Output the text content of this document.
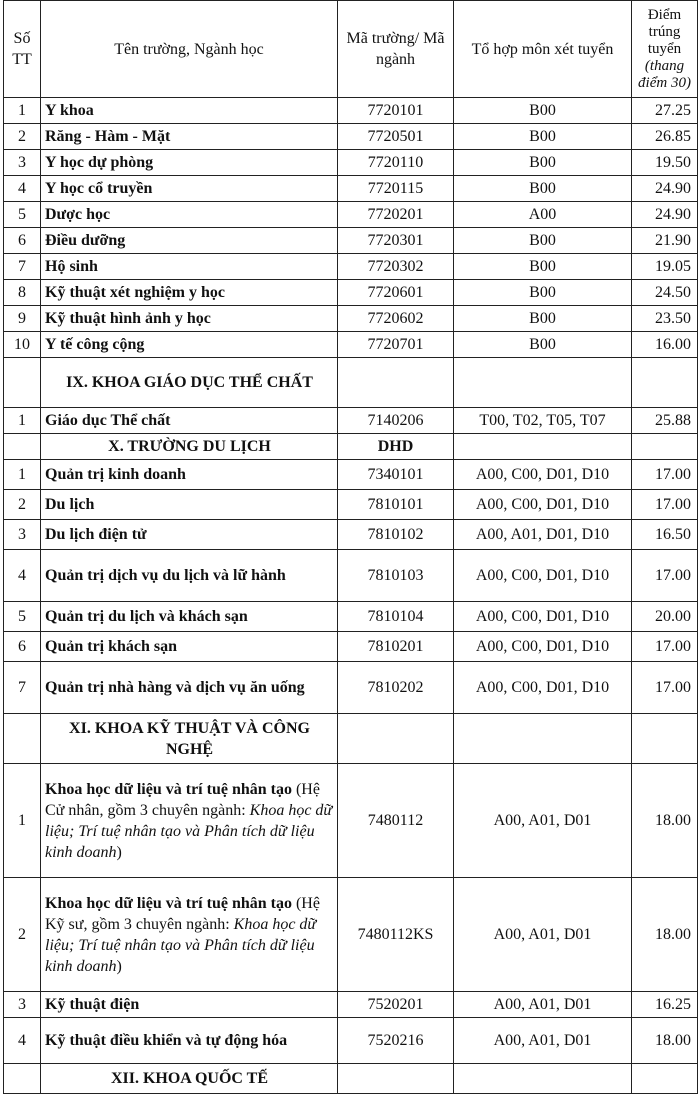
Số TT	Tên trường, Ngành học	Mã trường/ Mã ngành	Tổ hợp môn xét tuyển	Điểm trúng tuyển
(thang điểm 30)
1	Y khoa	7720101	B00	27.25
2	Răng - Hàm - Mặt	7720501	B00	26.85
3	Y học dự phòng	7720110	B00	19.50
4	Y học cổ truyền	7720115	B00	24.90
5	Dược học	7720201	A00	24.90
6	Điều dưỡng	7720301	B00	21.90
7	Hộ sinh	7720302	B00	19.05
8	Kỹ thuật xét nghiệm y học	7720601	B00	24.50
9	Kỹ thuật hình ảnh y học	7720602	B00	23.50
10	Y tế công cộng	7720701	B00	16.00
	IX. KHOA GIÁO DỤC THỂ CHẤT			
1	Giáo dục Thể chất	7140206	T00, T02, T05, T07	25.88
	X. TRƯỜNG DU LỊCH	DHD		
1	Quản trị kinh doanh	7340101	A00, C00, D01, D10	17.00
2	Du lịch	7810101	A00, C00, D01, D10	17.00
3	Du lịch điện tử	7810102	A00, A01, D01, D10	16.50
4	Quản trị dịch vụ du lịch và lữ hành	7810103	A00, C00, D01, D10	17.00
5	Quản trị du lịch và khách sạn	7810104	A00, C00, D01, D10	20.00
6	Quản trị khách sạn	7810201	A00, C00, D01, D10	17.00
7	Quản trị nhà hàng và dịch vụ ăn uống	7810202	A00, C00, D01, D10	17.00
	XI. KHOA KỸ THUẬT VÀ CÔNG NGHỆ			
1	Khoa học dữ liệu và trí tuệ nhân tạo (Hệ Cử nhân, gồm 3 chuyên ngành: Khoa học dữ liệu; Trí tuệ nhân tạo và Phân tích dữ liệu kinh doanh)	7480112	A00, A01, D01	18.00
2	Khoa học dữ liệu và trí tuệ nhân tạo (Hệ Kỹ sư, gồm 3 chuyên ngành: Khoa học dữ liệu; Trí tuệ nhân tạo và Phân tích dữ liệu kinh doanh)	7480112KS	A00, A01, D01	18.00
3	Kỹ thuật điện	7520201	A00, A01, D01	16.25
4	Kỹ thuật điều khiển và tự động hóa	7520216	A00, A01, D01	18.00
	XII. KHOA QUỐC TẾ			
